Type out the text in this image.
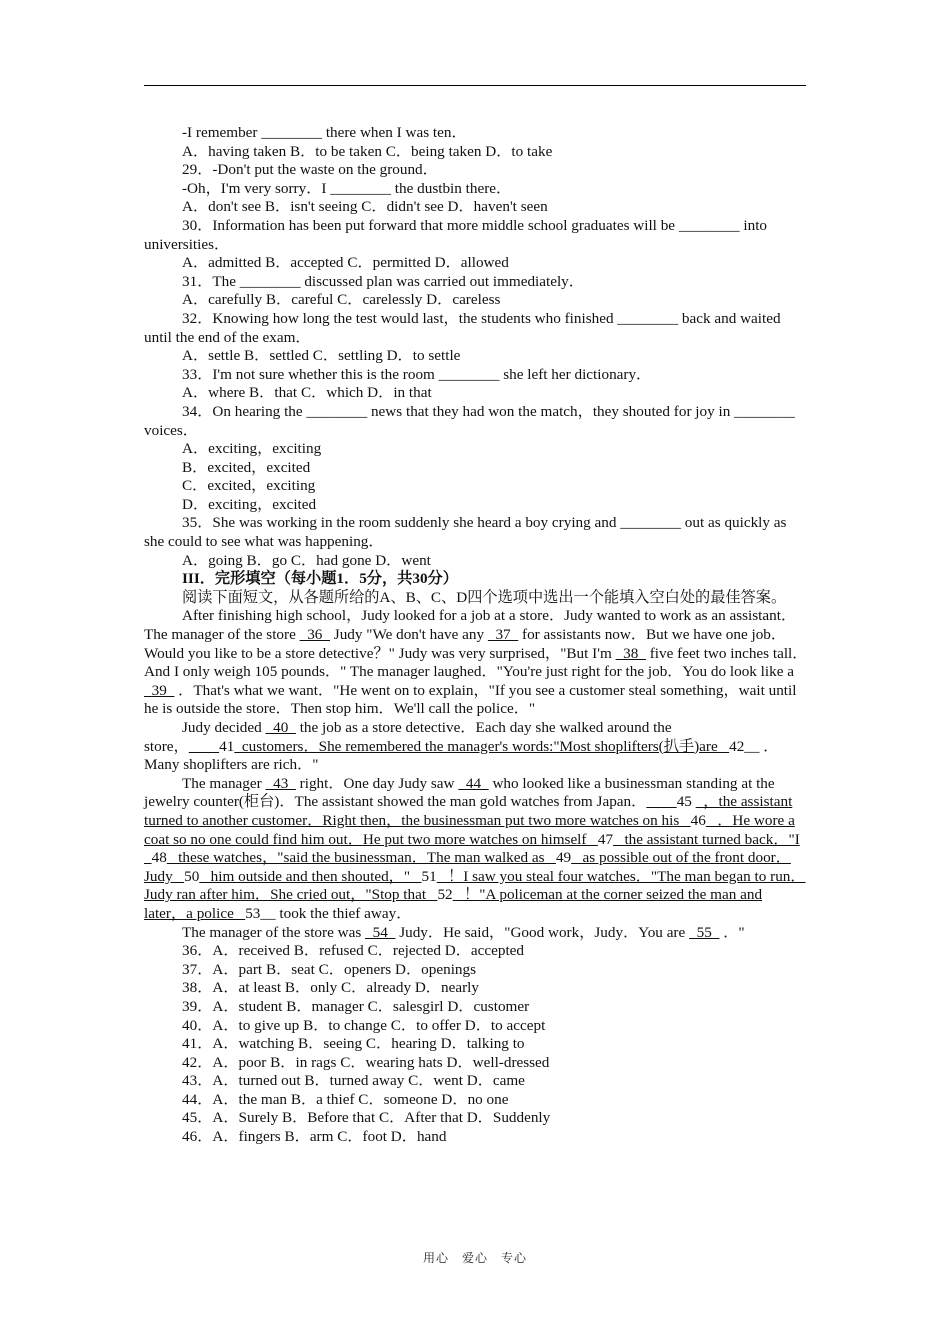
-I remember ________ there when I was ten．
A．having taken B．to be taken C．being taken D．to take
29．-Don't put the waste on the ground．
-Oh，I'm very sorry．I ________ the dustbin there．
A．don't see B．isn't seeing C．didn't see D．haven't seen
30．Information has been put forward that more middle school graduates will be ________ into universities．
A．admitted B．accepted C．permitted D．allowed
31．The ________ discussed plan was carried out immediately．
A．carefully B．careful C．carelessly D．careless
32．Knowing how long the test would last，the students who finished ________ back and waited until the end of the exam．
A．settle B．settled C．settling D．to settle
33．I'm not sure whether this is the room ________ she left her dictionary．
A．where B．that C．which D．in that
34．On hearing the ________ news that they had won the match，they shouted for joy in ________ voices．
A．exciting，exciting
B．excited，excited
C．excited，exciting
D．exciting，excited
35．She was working in the room suddenly she heard a boy crying and ________ out as quickly as she could to see what was happening．
A．going B．go C．had gone D．went
III．完形填空（每小题1．5分，共30分）
阅读下面短文，从各题所给的A、B、C、D四个选项中选出一个能填入空白处的最佳答案。
After finishing high school，Judy looked for a job at a store．Judy wanted to work as an assistant．The manager of the store   36   Judy "We don't have any   37   for assistants now．But we have one job．Would you like to be a store detective？" Judy was very surprised，"But I'm   38   five feet two inches tall．And I only weigh 105 pounds．" The manager laughed．"You're just right for the job．You do look like a   39   ．That's what we want．"He went on to explain，"If you see a customer steal something，wait until he is outside the store．Then stop him．We'll call the police．"
Judy decided   40   the job as a store detective．Each day she walked around the store， 41  customers．She remembered the manager's words:"Most shoplifters(扒手)are   42__ ．Many shoplifters are rich．"
The manager   43   right．One day Judy saw   44   who looked like a businessman standing at the jewelry counter(柜台)．The assistant showed the man gold watches from Japan． 45   ，the assistant turned to another customer．Right then，the businessman put two more watches on his   46   ．He wore a coat so no one could find him out．He put two more watches on himself   47   the assistant turned back．"I   48   these watches，"said the businessman．The man walked as   49   as possible out of the front door．Judy   50   him outside and then shouted，"   51   ！I saw you steal four watches．"The man began to run．Judy ran after him．She cried out，"Stop that   52   ！"A policeman at the corner seized the man and later，a police   53__ took the thief away．
The manager of the store was   54   Judy．He said，"Good work，Judy．You are   55   ．"
36．A．received B．refused C．rejected D．accepted
37．A．part B．seat C．openers D．openings
38．A．at least B．only C．already D．nearly
39．A．student B．manager C．salesgirl D．customer
40．A．to give up B．to change C．to offer D．to accept
41．A．watching B．seeing C．hearing D．talking to
42．A．poor B．in rags C．wearing hats D．well-dressed
43．A．turned out B．turned away C．went D．came
44．A．the man B．a thief C．someone D．no one
45．A．Surely B．Before that C．After that D．Suddenly
46．A．fingers B．arm C．foot D．hand
用心　爱心　专心
